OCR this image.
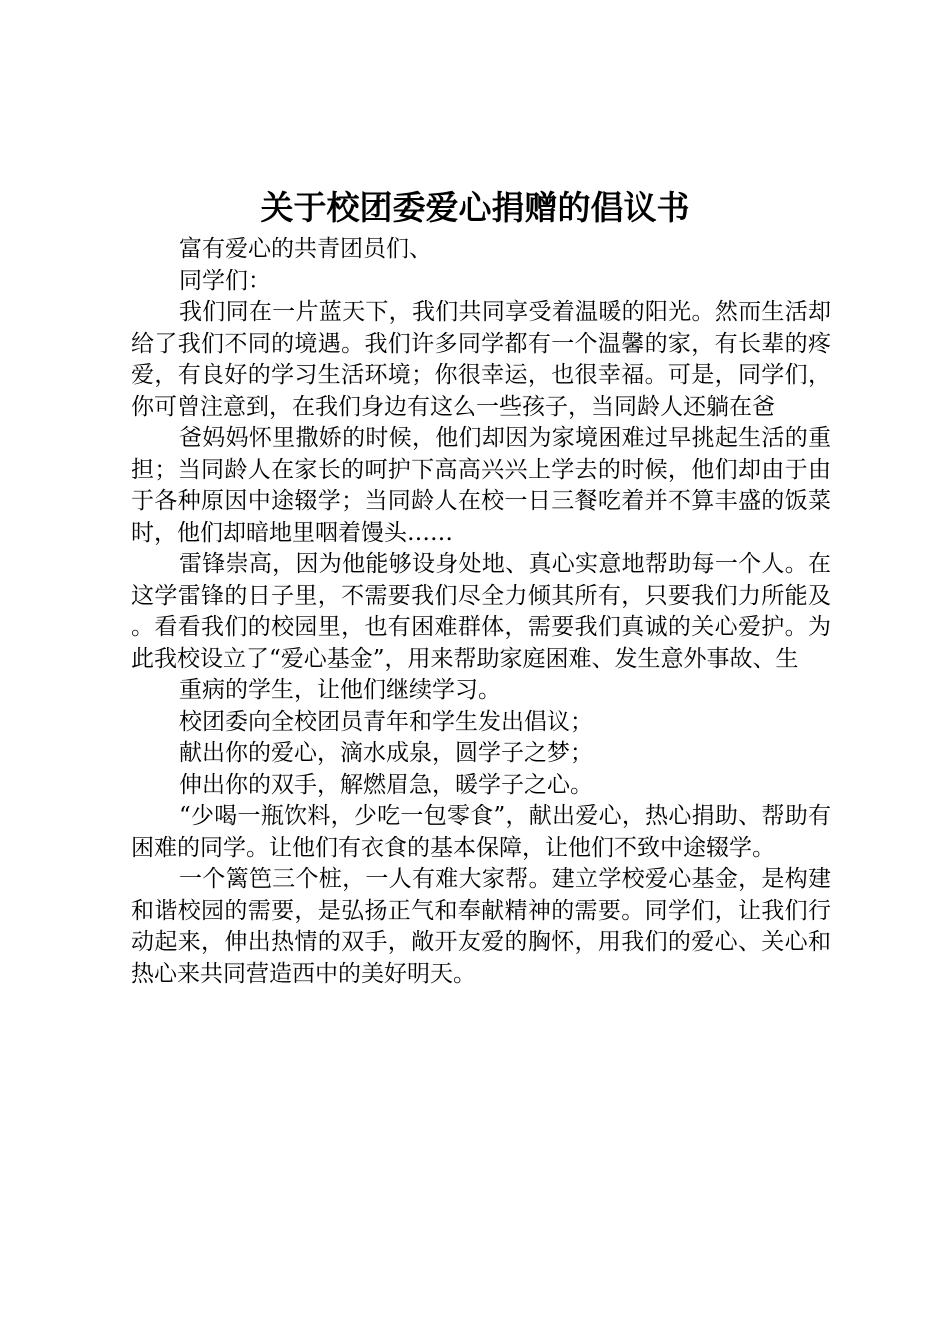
关于校团委爱心捐赠的倡议书

富有爱心的共青团员们、

同学们：

我们同在一片蓝天下，我们共同享受着温暖的阳光。然而生活却给了我们不同的境遇。我们许多同学都有一个温馨的家，有长辈的疼爱，有良好的学习生活环境；你很幸运，也很幸福。可是，同学们，你可曾注意到，在我们身边有这么一些孩子，当同龄人还躺在爸

爸妈妈怀里撒娇的时候，他们却因为家境困难过早挑起生活的重担；当同龄人在家长的呵护下高高兴兴上学去的时候，他们却由于由于各种原因中途辍学；当同龄人在校一日三餐吃着并不算丰盛的饭菜时，他们却暗地里咽着馒头……

雷锋崇高，因为他能够设身处地、真心实意地帮助每一个人。在这学雷锋的日子里，不需要我们尽全力倾其所有，只要我们力所能及。看看我们的校园里，也有困难群体，需要我们真诚的关心爱护。为此我校设立了“爱心基金”，用来帮助家庭困难、发生意外事故、生

重病的学生，让他们继续学习。

校团委向全校团员青年和学生发出倡议；

献出你的爱心，滴水成泉，圆学子之梦；

伸出你的双手，解燃眉急，暖学子之心。

“少喝一瓶饮料，少吃一包零食”，献出爱心，热心捐助、帮助有困难的同学。让他们有衣食的基本保障，让他们不致中途辍学。

一个篱笆三个桩，一人有难大家帮。建立学校爱心基金，是构建和谐校园的需要，是弘扬正气和奉献精神的需要。同学们，让我们行动起来，伸出热情的双手，敞开友爱的胸怀，用我们的爱心、关心和热心来共同营造西中的美好明天。
